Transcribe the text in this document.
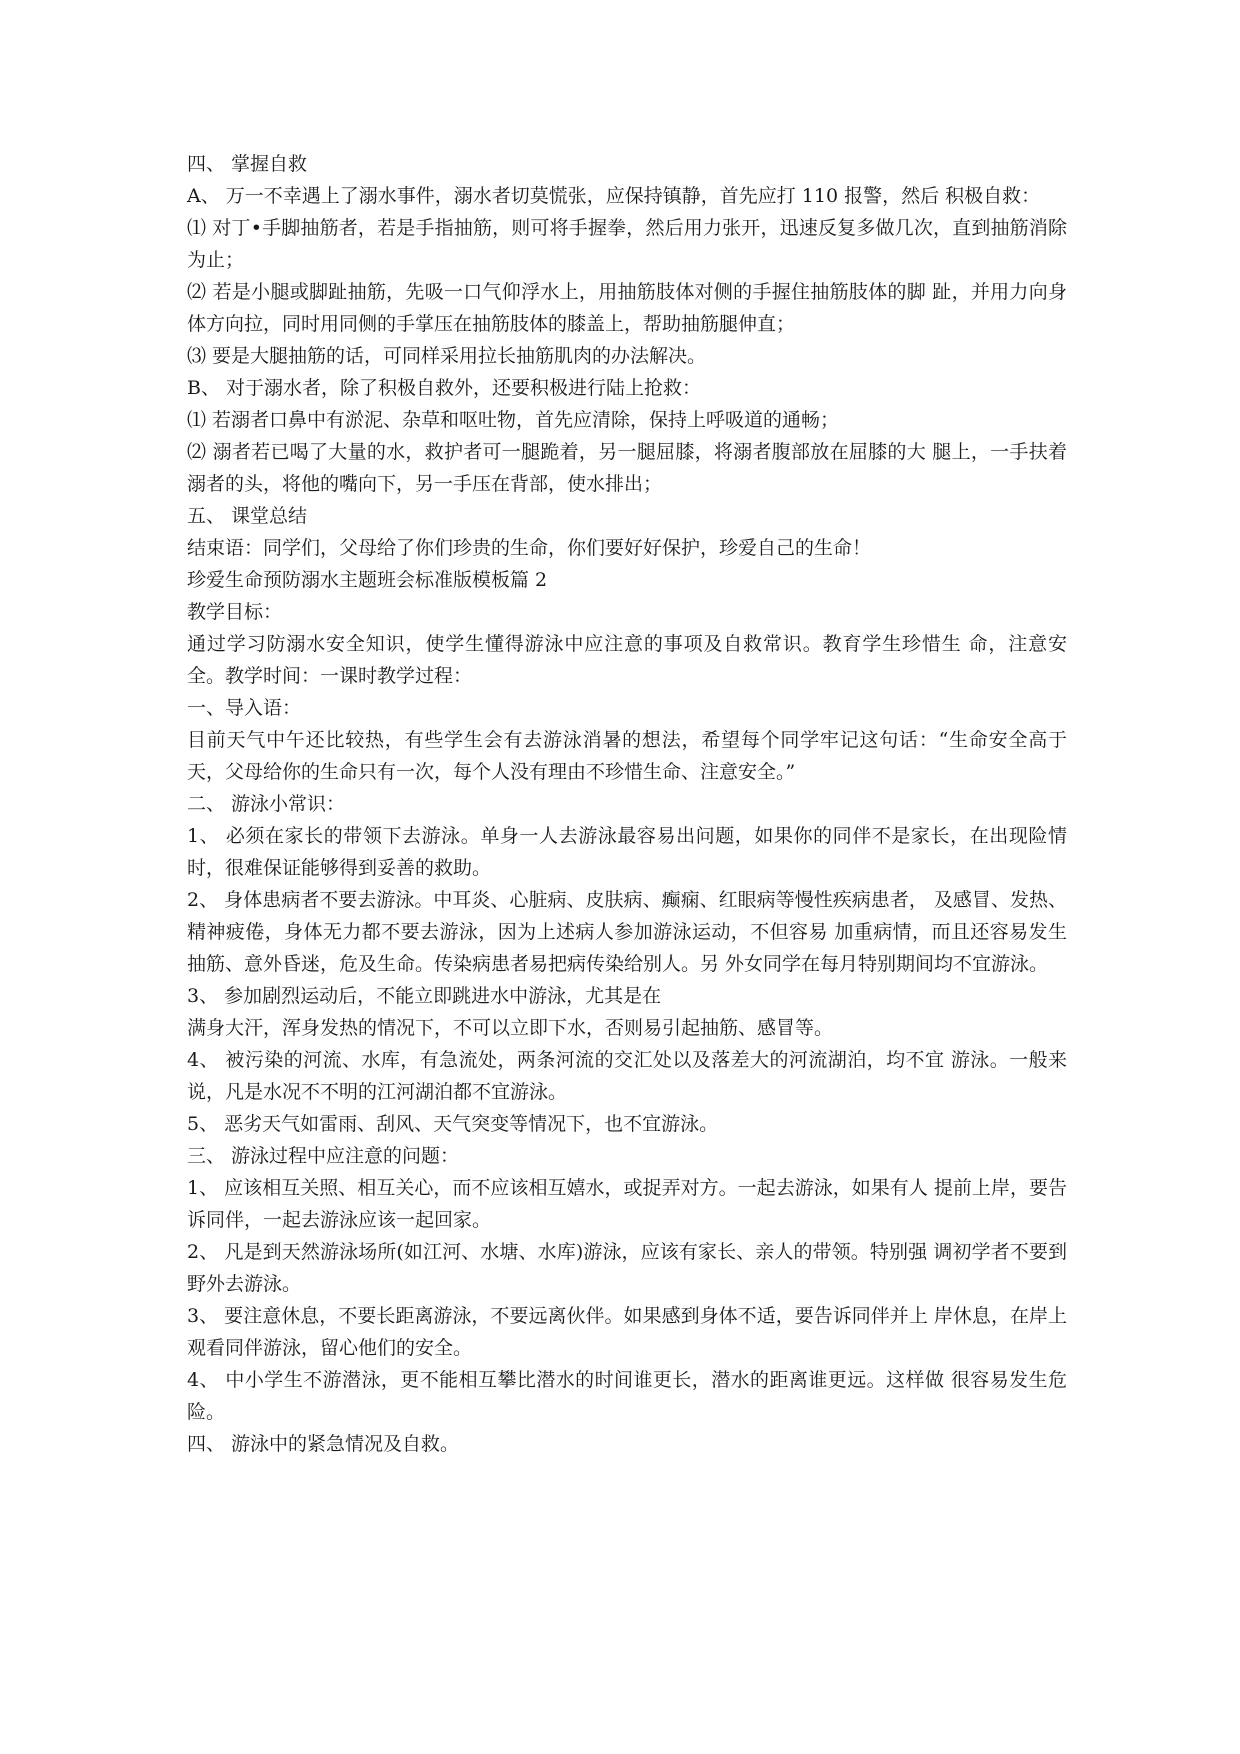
四、 掌握自救

A、 万一不幸遇上了溺水事件，溺水者切莫慌张，应保持镇静，首先应打 110 报警，然后 积极自救：

⑴ 对丁•手脚抽筋者，若是手指抽筋，则可将手握拳，然后用力张开，迅速反复多做几次，直到抽筋消除为止；

⑵ 若是小腿或脚趾抽筋，先吸一口气仰浮水上，用抽筋肢体对侧的手握住抽筋肢体的脚 趾，并用力向身体方向拉，同时用同侧的手掌压在抽筋肢体的膝盖上，帮助抽筋腿伸直；

⑶ 要是大腿抽筋的话，可同样采用拉长抽筋肌肉的办法解决。

B、 对于溺水者，除了积极自救外，还要积极进行陆上抢救：

⑴ 若溺者口鼻中有淤泥、杂草和呕吐物，首先应清除，保持上呼吸道的通畅；

⑵ 溺者若已喝了大量的水，救护者可一腿跪着，另一腿屈膝，将溺者腹部放在屈膝的大 腿上，一手扶着溺者的头，将他的嘴向下，另一手压在背部，使水排出；

五、 课堂总结

结束语：同学们，父母给了你们珍贵的生命，你们要好好保护，珍爱自己的生命！

珍爱生命预防溺水主题班会标准版模板篇 2

教学目标：

通过学习防溺水安全知识，使学生懂得游泳中应注意的事项及自救常识。教育学生珍惜生 命，注意安全。教学时间：一课时教学过程：

一、导入语：

目前天气中午还比较热，有些学生会有去游泳消暑的想法，希望每个同学牢记这句话：“生命安全高于天，父母给你的生命只有一次，每个人没有理由不珍惜生命、注意安全。”

二、 游泳小常识：

1、 必须在家长的带领下去游泳。单身一人去游泳最容易出问题，如果你的同伴不是家长，在出现险情时，很难保证能够得到妥善的救助。

2、 身体患病者不要去游泳。中耳炎、心脏病、皮肤病、癫痫、红眼病等慢性疾病患者， 及感冒、发热、精神疲倦，身体无力都不要去游泳，因为上述病人参加游泳运动，不但容易 加重病情，而且还容易发生抽筋、意外昏迷，危及生命。传染病患者易把病传染给别人。另 外女同学在每月特别期间均不宜游泳。

3、 参加剧烈运动后，不能立即跳进水中游泳，尤其是在

满身大汗，浑身发热的情况下，不可以立即下水，否则易引起抽筋、感冒等。

4、 被污染的河流、水库，有急流处，两条河流的交汇处以及落差大的河流湖泊，均不宜 游泳。一般来说，凡是水况不不明的江河湖泊都不宜游泳。

5、 恶劣天气如雷雨、刮风、天气突变等情况下，也不宜游泳。

三、 游泳过程中应注意的问题：

1、 应该相互关照、相互关心，而不应该相互嬉水，或捉弄对方。一起去游泳，如果有人 提前上岸，要告诉同伴，一起去游泳应该一起回家。

2、 凡是到天然游泳场所(如江河、水塘、水库)游泳，应该有家长、亲人的带领。特别强 调初学者不要到野外去游泳。

3、 要注意休息，不要长距离游泳，不要远离伙伴。如果感到身体不适，要告诉同伴并上 岸休息，在岸上观看同伴游泳，留心他们的安全。

4、 中小学生不游潜泳，更不能相互攀比潜水的时间谁更长，潜水的距离谁更远。这样做 很容易发生危险。

四、 游泳中的紧急情况及自救。
